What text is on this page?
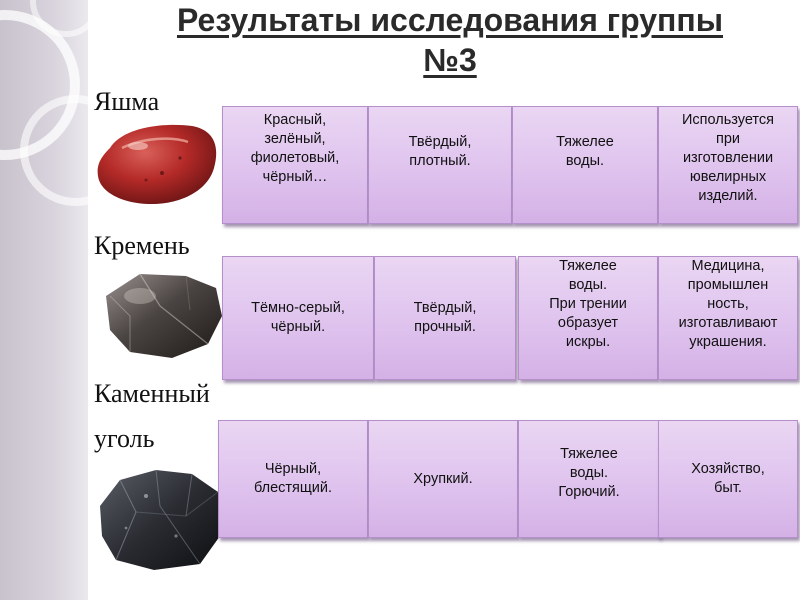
Результаты исследования группы
№3
Яшма
Красный,
зелёный,
фиолетовый,
чёрный…
Твёрдый,
плотный.
Тяжелее
воды.
Используется
при
изготовлении
ювелирных
изделий.
Кремень
Тёмно-серый,
чёрный.
Твёрдый,
прочный.
Тяжелее
воды.
При трении
образует
искры.
Медицина,
промышлен
ность,
изготавливают
украшения.
Каменный
уголь
Чёрный,
блестящий.
Хрупкий.
Тяжелее
воды.
Горючий.
Хозяйство,
быт.
